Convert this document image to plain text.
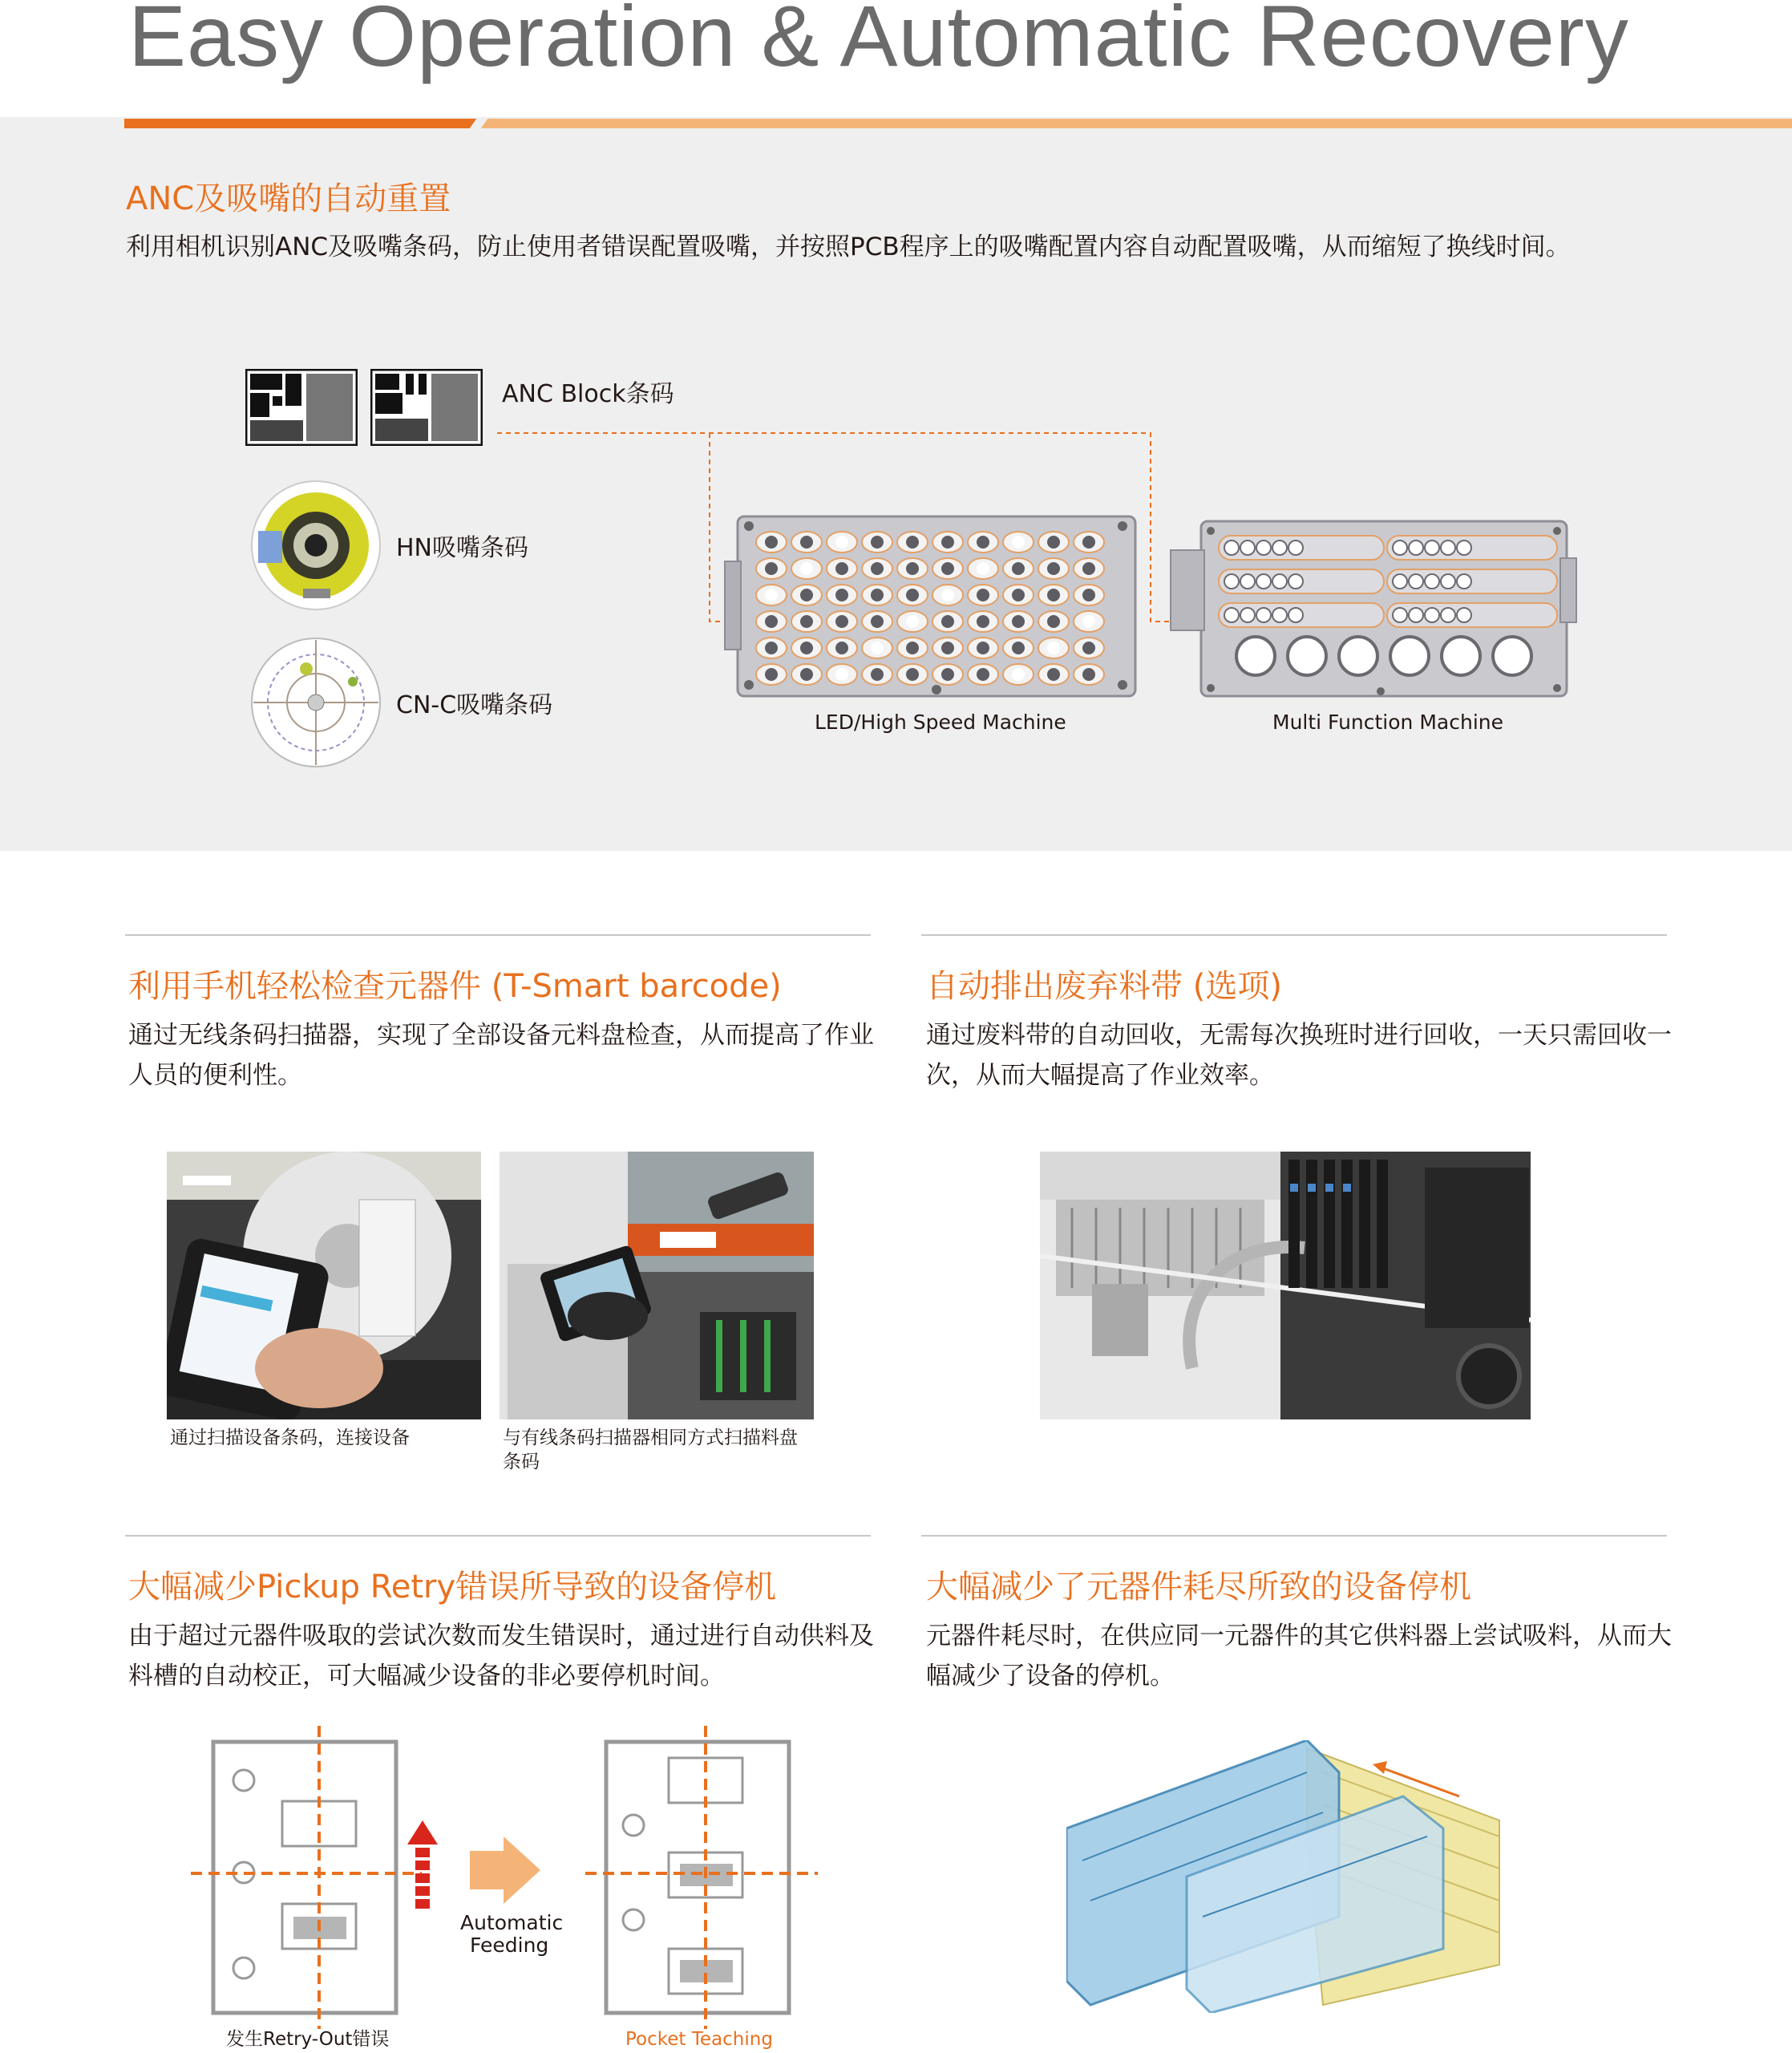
Easy Operation & Automatic Recovery
ANC及吸嘴的自动重置
利用相机识别ANC及吸嘴条码，防止使用者错误配置吸嘴，并按照PCB程序上的吸嘴配置内容自动配置吸嘴，从而缩短了换线时间。
ANC Block条码
HN吸嘴条码
CN-C吸嘴条码
LED/High Speed Machine	Multi Function Machine
利用手机轻松检查元器件 (T-Smart barcode)
通过无线条码扫描器，实现了全部设备元料盘检查，从而提高了作业人员的便利性。
通过扫描设备条码，连接设备	与有线条码扫描器相同方式扫描料盘条码
自动排出废弃料带 (选项)
通过废料带的自动回收，无需每次换班时进行回收，一天只需回收一次，从而大幅提高了作业效率。
大幅减少Pickup Retry错误所导致的设备停机
由于超过元器件吸取的尝试次数而发生错误时，通过进行自动供料及料槽的自动校正，可大幅减少设备的非必要停机时间。
Automatic
Feeding
发生Retry-Out错误	Pocket Teaching
大幅减少了元器件耗尽所致的设备停机
元器件耗尽时，在供应同一元器件的其它供料器上尝试吸料，从而大幅减少了设备的停机。
